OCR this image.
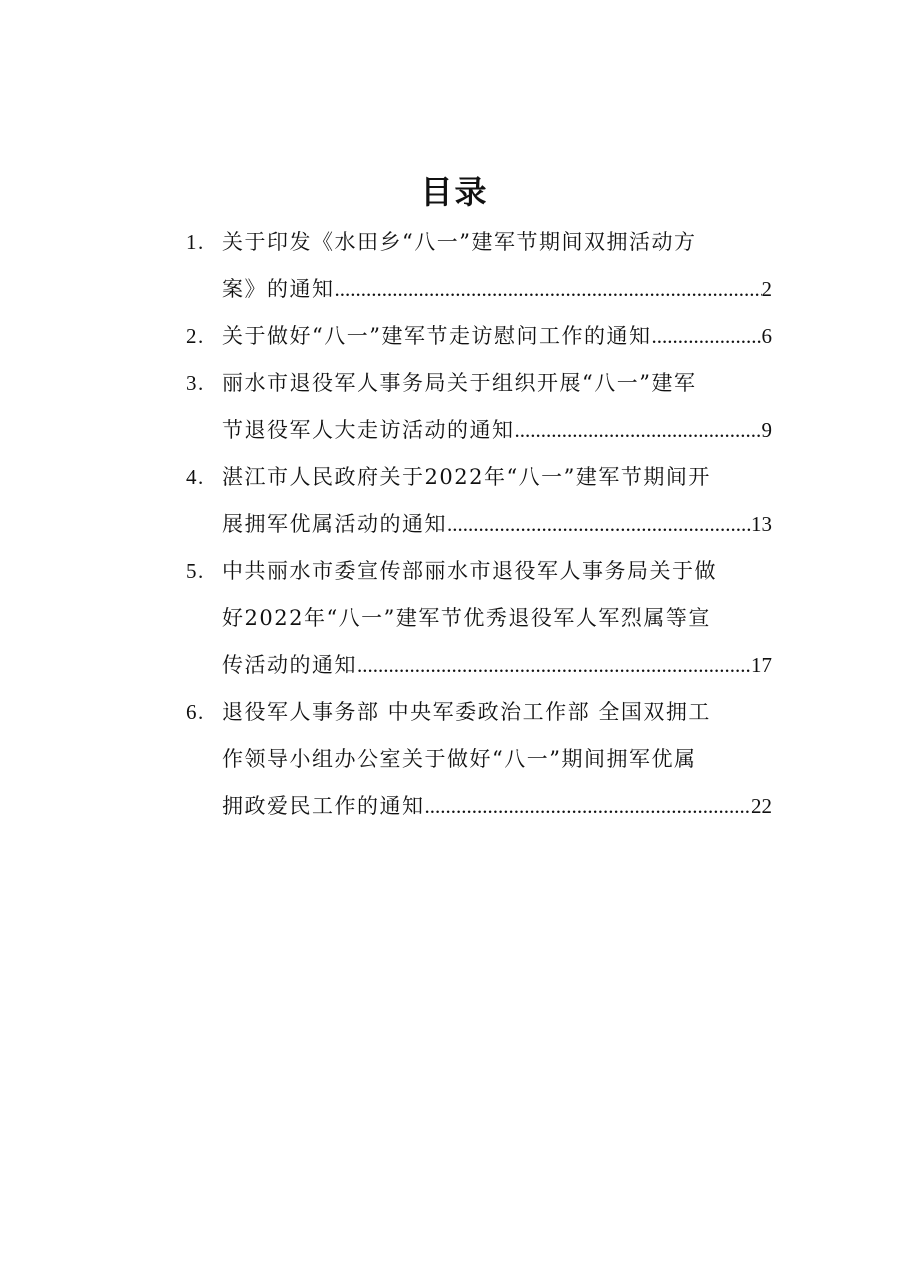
目录
1. 关于印发《水田乡“八一”建军节期间双拥活动方
案》的通知 .....	2
2. 关于做好“八一”建军节走访慰问工作的通知 .....	6
3. 丽水市退役军人事务局关于组织开展“八一”建军
节退役军人大走访活动的通知 .....	9
4. 湛江市人民政府关于2022年“八一”建军节期间开
展拥军优属活动的通知 .....	13
5. 中共丽水市委宣传部丽水市退役军人事务局关于做
好2022年“八一”建军节优秀退役军人军烈属等宣
传活动的通知 .....	17
6. 退役军人事务部 中央军委政治工作部 全国双拥工
作领导小组办公室关于做好“八一”期间拥军优属
拥政爱民工作的通知 .....	22
